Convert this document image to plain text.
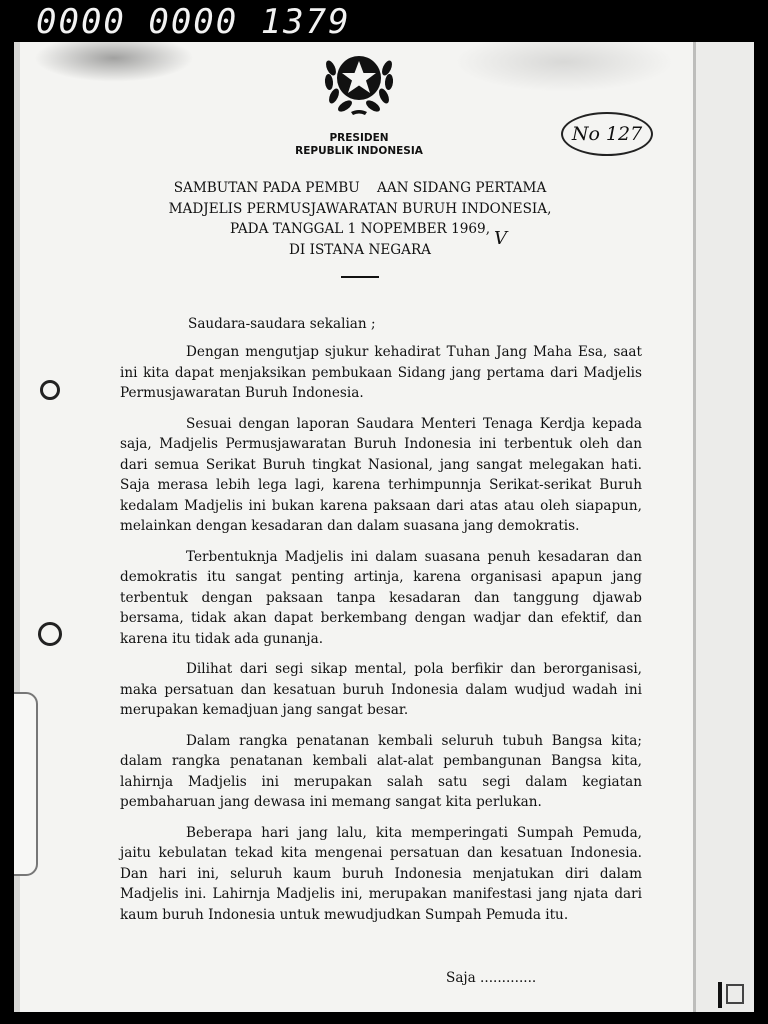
0000 0000 1379
PRESIDEN
REPUBLIK INDONESIA
No 127
SAMBUTAN PADA PEMBU    AAN SIDANG PERTAMA
MADJELIS PERMUSJAWARATAN BURUH INDONESIA,
PADA TANGGAL 1 NOPEMBER 1969,
DI ISTANA NEGARA
V
Saudara-saudara sekalian ;

Dengan mengutjap sjukur kehadirat Tuhan Jang Maha Esa, saat ini kita dapat menjaksikan pembukaan Sidang jang pertama dari Madjelis Permusjawaratan Buruh Indonesia.

Sesuai dengan laporan Saudara Menteri Tenaga Kerdja kepada saja, Madjelis Permusjawaratan Buruh Indonesia ini terbentuk oleh dan dari semua Serikat Buruh tingkat Nasional, jang sangat melegakan hati. Saja merasa lebih lega lagi, karena terhimpunnja Serikat-serikat Buruh kedalam Madjelis ini bukan karena paksaan dari atas atau oleh siapapun, melainkan dengan kesadaran dan dalam suasana jang demokratis.

Terbentuknja Madjelis ini dalam suasana penuh kesadaran dan demokratis itu sangat penting artinja, karena organisasi apapun jang terbentuk dengan paksaan tanpa kesadaran dan tanggung djawab bersama, tidak akan dapat berkembang dengan wadjar dan efektif, dan karena itu tidak ada gunanja.

Dilihat dari segi sikap mental, pola berfikir dan berorganisasi, maka persatuan dan kesatuan buruh Indonesia dalam wudjud wadah ini merupakan kemadjuan jang sangat besar.

Dalam rangka penatanan kembali seluruh tubuh Bangsa kita; dalam rangka penatanan kembali alat-alat pembangunan Bangsa kita, lahirnja Madjelis ini merupakan salah satu segi dalam kegiatan pembaharuan jang dewasa ini memang sangat kita perlukan.

Beberapa hari jang lalu, kita memperingati Sumpah Pemuda, jaitu kebulatan tekad kita mengenai persatuan dan kesatuan Indonesia. Dan hari ini, seluruh kaum buruh Indonesia menjatukan diri dalam Madjelis ini. Lahirnja Madjelis ini, merupakan manifestasi jang njata dari kaum buruh Indonesia untuk mewudjudkan Sumpah Pemuda itu.

Saja .............
